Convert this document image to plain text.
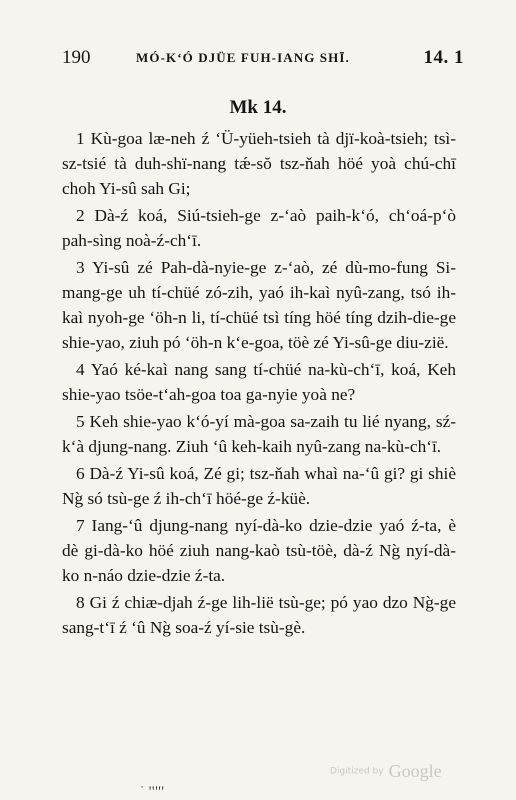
190	MÓ-K‘Ó DJÜE FUH-IANG SHĪ.	14. 1
Mk 14.

1 Kù-goa læ-neh ź ‘Ü-yüeh-tsieh tà djï-koà-tsieh; tsì-sz-tsié tà duh-shï-nang tǽ-sŏ tsz-ňah höé yoà chú-chī choh Yi-sû sah Gi;

2 Dà-ź koá, Siú-tsieh-ge z-‘aò paih-k‘ó, ch‘oá-p‘ò pah-sìng noà-ź-ch‘ī.

3 Yi-sû zé Pah-dà-nyie-ge z-‘aò, zé dù-mo-fung Si-mang-ge uh tí-chüé zó-zih, yaó ih-kaì nyû-zang, tsó ih-kaì nyoh-ge ‘öh-n li, tí-chüé tsì tíng höé tíng dzih-die-ge shie-yao, ziuh pó ‘öh-n k‘e-goa, töè zé Yi-sû-ge diu-zië.

4 Yaó ké-kaì nang sang tí-chüé na-kù-ch‘ī, koá, Keh shie-yao tsöe-t‘ah-goa toa ga-nyie yoà ne?

5 Keh shie-yao k‘ó-yí mà-goa sa-zaih tu lié nyang, sź-k‘à djung-nang. Ziuh ‘û keh-kaih nyû-zang na-kù-ch‘ī.

6 Dà-ź Yi-sû koá, Zé gi; tsz-ňah whaì na-‘û gi? gi shiè Ng̀ só tsù-ge ź ih-ch‘ī höé-ge ź-küè.

7 Iang-‘û djung-nang nyí-dà-ko dzie-dzie yaó ź-ta, è dè gi-dà-ko höé ziuh nang-kaò tsù-töè, dà-ź Ng̀ nyí-dà-ko n-náo dzie-dzie ź-ta.

8 Gi ź chiæ-djah ź-ge lih-lië tsù-ge; pó yao dzo Ng̀-ge sang-t‘ī ź ‘û Ng̀ soa-ź yí-sie tsù-gè.

Digitized by Google
˙ ꞌꞌꞌꞌꞌ
